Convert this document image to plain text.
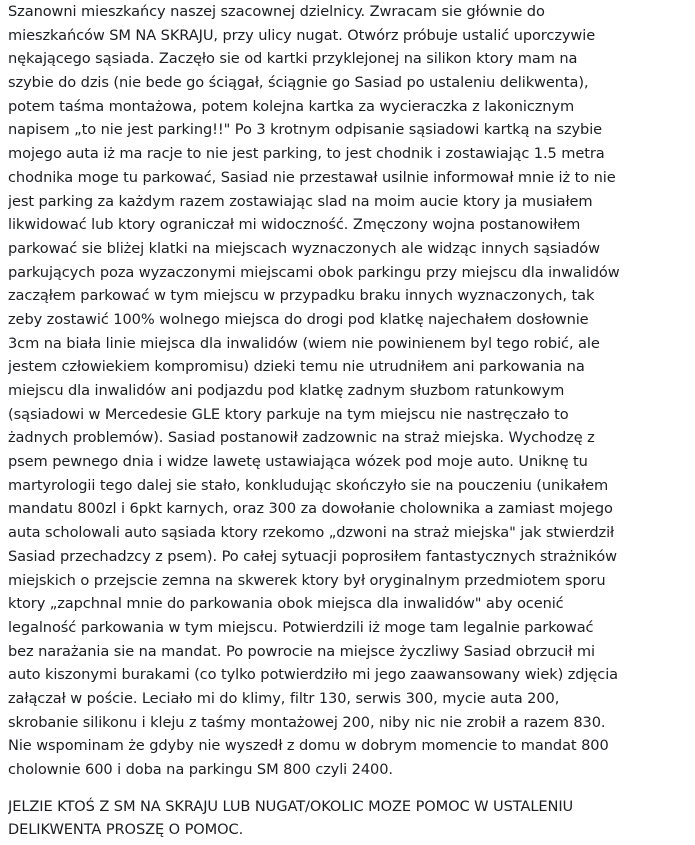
Szanowni mieszkańcy naszej szacownej dzielnicy. Zwracam sie głównie do
mieszkańców SM NA SKRAJU, przy ulicy nugat. Otwórz próbuje ustalić uporczywie
nękającego sąsiada. Zaczęło sie od kartki przyklejonej na silikon ktory mam na
szybie do dzis (nie bede go ściągał, ściągnie go Sasiad po ustaleniu delikwenta),
potem taśma montażowa, potem kolejna kartka za wycieraczka z lakonicznym
napisem „to nie jest parking!!" Po 3 krotnym odpisanie sąsiadowi kartką na szybie
mojego auta iż ma racje to nie jest parking, to jest chodnik i zostawiając 1.5 metra
chodnika moge tu parkować, Sasiad nie przestawał usilnie informował mnie iż to nie
jest parking za każdym razem zostawiając slad na moim aucie ktory ja musiałem
likwidować lub ktory ograniczał mi widoczność. Zmęczony wojna postanowiłem
parkować sie bliżej klatki na miejscach wyznaczonych ale widząc innych sąsiadów
parkujących poza wyzaczonymi miejscami obok parkingu przy miejscu dla inwalidów
zacząłem parkować w tym miejscu w przypadku braku innych wyznaczonych, tak
zeby zostawić 100% wolnego miejsca do drogi pod klatkę najechałem dosłownie
3cm na biała linie miejsca dla inwalidów (wiem nie powinienem byl tego robić, ale
jestem człowiekiem kompromisu) dzieki temu nie utrudniłem ani parkowania na
miejscu dla inwalidów ani podjazdu pod klatkę zadnym słuzbom ratunkowym
(sąsiadowi w Mercedesie GLE ktory parkuje na tym miejscu nie nastręczało to
żadnych problemów). Sasiad postanowił zadzownic na straż miejska. Wychodzę z
psem pewnego dnia i widze lawetę ustawiająca wózek pod moje auto. Uniknę tu
martyrologii tego dalej sie stało, konkludując skończyło sie na pouczeniu (unikałem
mandatu 800zl i 6pkt karnych, oraz 300 za dowołanie cholownika a zamiast mojego
auta scholowali auto sąsiada ktory rzekomo „dzwoni na straż miejska" jak stwierdził
Sasiad przechadzcy z psem). Po całej sytuacji poprosiłem fantastycznych strażników
miejskich o przejscie zemna na skwerek ktory był oryginalnym przedmiotem sporu
ktory „zapchnal mnie do parkowania obok miejsca dla inwalidów" aby ocenić
legalność parkowania w tym miejscu. Potwierdzili iż moge tam legalnie parkować
bez narażania sie na mandat. Po powrocie na miejsce życzliwy Sasiad obrzucił mi
auto kiszonymi burakami (co tylko potwierdziło mi jego zaawansowany wiek) zdjęcia
załączał w poście. Leciało mi do klimy, filtr 130, serwis 300, mycie auta 200,
skrobanie silikonu i kleju z taśmy montażowej 200, niby nic nie zrobił a razem 830.
Nie wspominam że gdyby nie wyszedł z domu w dobrym momencie to mandat 800
cholownie 600 i doba na parkingu SM 800 czyli 2400.
JELZIE KTOŚ Z SM NA SKRAJU LUB NUGAT/OKOLIC MOZE POMOC W USTALENIU
DELIKWENTA PROSZĘ O POMOC.
